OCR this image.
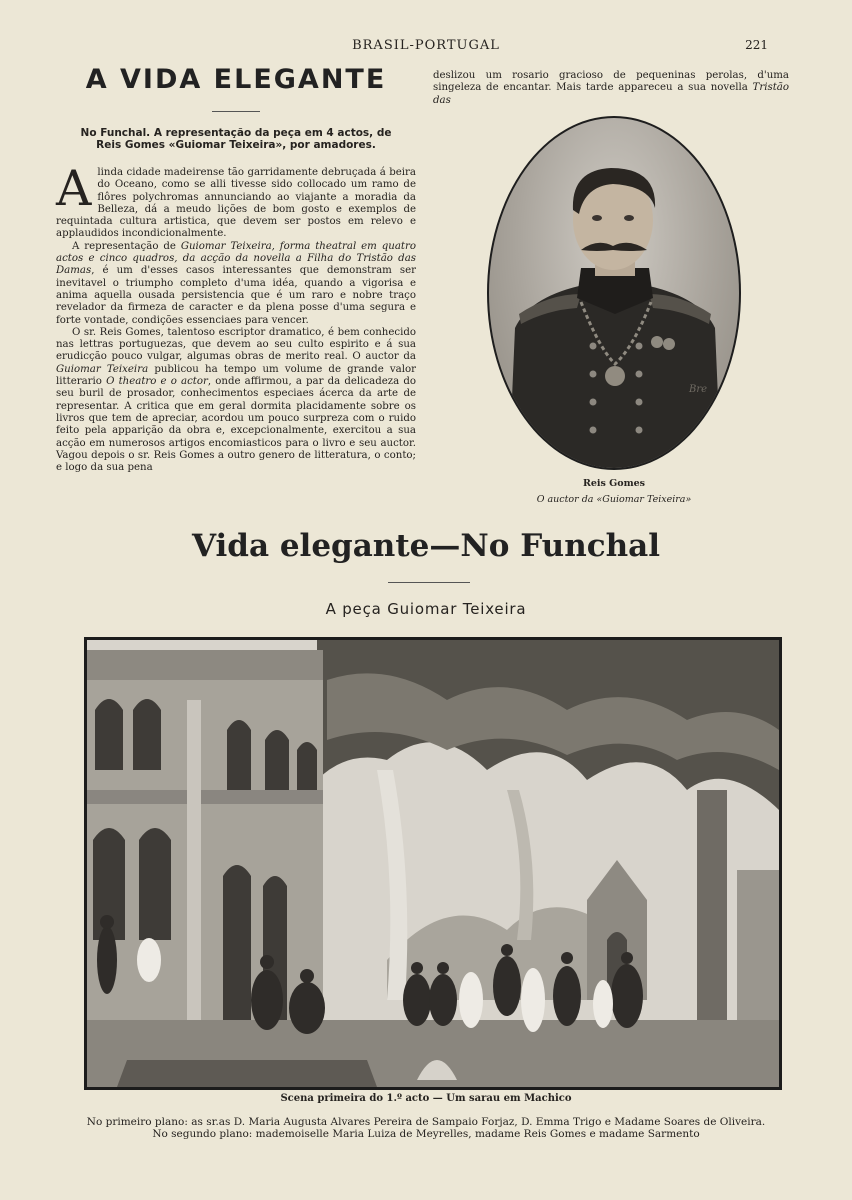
BRASIL-PORTUGAL	221
A VIDA ELEGANTE
No Funchal. A representação da peça em 4 actos, de
Reis Gomes «Guiomar Teixeira», por amadores.

Alinda cidade madeirense tão garridamente debruçada á beira do Oceano, como se alli tivesse sido collocado um ramo de flôres polychromas annunciando ao viajante a moradia da Belleza, dá a meudo lições de bom gosto e exemplos de requintada cultura artistica, que devem ser postos em relevo e applaudidos incondicionalmente.

A representação de Guiomar Teixeira, forma theatral em quatro actos e cinco quadros, da acção da novella a Filha do Tristão das Damas, é um d'esses casos interessantes que demonstram ser inevitavel o triumpho completo d'uma idéa, quando a vigorisa e anima aquella ousada persistencia que é um raro e nobre traço revelador da firmeza de caracter e da plena posse d'uma segura e forte vontade, condições essenciaes para vencer.

O sr. Reis Gomes, talentoso escriptor dramatico, é bem conhecido nas lettras portuguezas, que devem ao seu culto espirito e á sua erudicção pouco vulgar, algumas obras de merito real. O auctor da Guiomar Teixeira publicou ha tempo um volume de grande valor litterario O theatro e o actor, onde affirmou, a par da delicadeza do seu buril de prosador, conhecimentos especiaes ácerca da arte de representar. A critica que em geral dormita placidamente sobre os livros que tem de apreciar, acordou um pouco surpreza com o ruido feito pela apparição da obra e, excepcionalmente, exercitou a sua acção em numerosos artigos encomiasticos para o livro e seu auctor. Vagou depois o sr. Reis Gomes a outro genero de litteratura, o conto; e logo da sua pena

deslizou um rosario gracioso de pequeninas perolas, d'uma singeleza de encantar. Mais tarde appareceu a sua novella Tristão das
Bre
Reis Gomes
O auctor da «Guiomar Teixeira»
Vida elegante—No Funchal
A peça Guiomar Teixeira
Scena primeira do 1.º acto — Um sarau em Machico
No primeiro plano: as sr.as D. Maria Augusta Alvares Pereira de Sampaio Forjaz, D. Emma Trigo e Madame Soares de Oliveira.
No segundo plano: mademoiselle Maria Luiza de Meyrelles, madame Reis Gomes e madame Sarmento
